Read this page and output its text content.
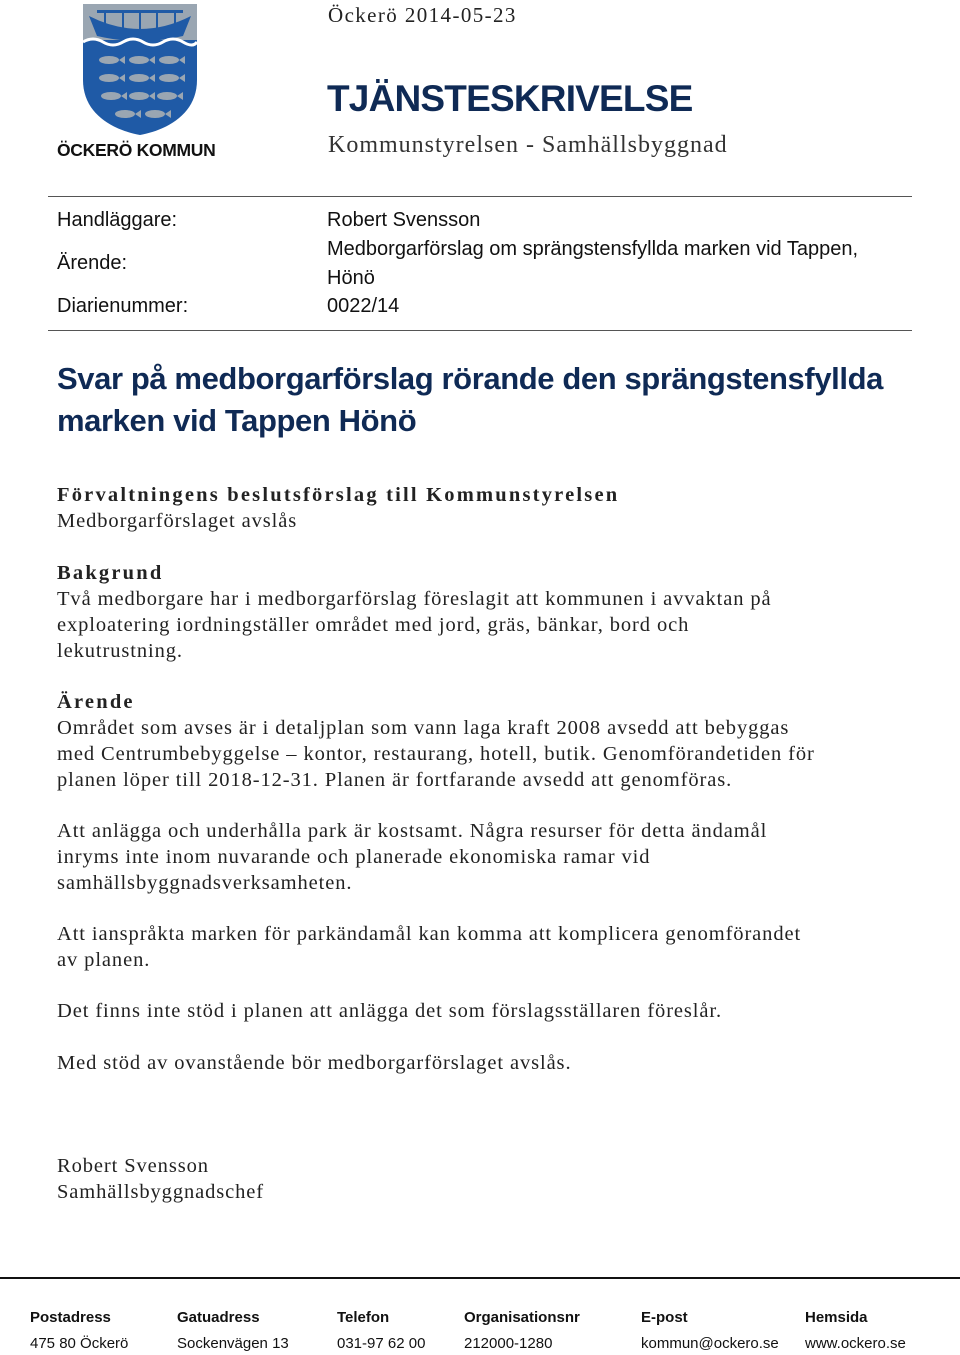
ÖCKERÖ KOMMUN
Öckerö 2014-05-23
TJÄNSTESKRIVELSE
Kommunstyrelsen - Samhällsbyggnad
Handläggare:	Robert Svensson
Ärende:
Medborgarförslag om sprängstensfyllda marken vid Tappen,
Hönö
Diarienummer:	0022/14
Svar på medborgarförslag rörande den sprängstensfyllda
marken vid Tappen Hönö
Förvaltningens beslutsförslag till Kommunstyrelsen
Medborgarförslaget avslås
Bakgrund
Två medborgare har i medborgarförslag föreslagit att kommunen i avvaktan på
exploatering iordningställer området med jord, gräs, bänkar, bord och
lekutrustning.
Ärende
Området som avses är i detaljplan som vann laga kraft 2008 avsedd att bebyggas
med Centrumbebyggelse – kontor, restaurang, hotell, butik. Genomförandetiden för
planen löper till 2018-12-31. Planen är fortfarande avsedd att genomföras.
Att anlägga och underhålla park är kostsamt. Några resurser för detta ändamål
inryms inte inom nuvarande och planerade ekonomiska ramar vid
samhällsbyggnadsverksamheten.
Att ianspråkta marken för parkändamål kan komma att komplicera genomförandet
av planen.
Det finns inte stöd i planen att anlägga det som förslagsställaren föreslår.
Med stöd av ovanstående bör medborgarförslaget avslås.
Robert Svensson
Samhällsbyggnadschef
Postadress
475 80 Öckerö
Gatuadress
Sockenvägen 13
Telefon
031-97 62 00
Organisationsnr
212000-1280
E-post
kommun@ockero.se
Hemsida
www.ockero.se
